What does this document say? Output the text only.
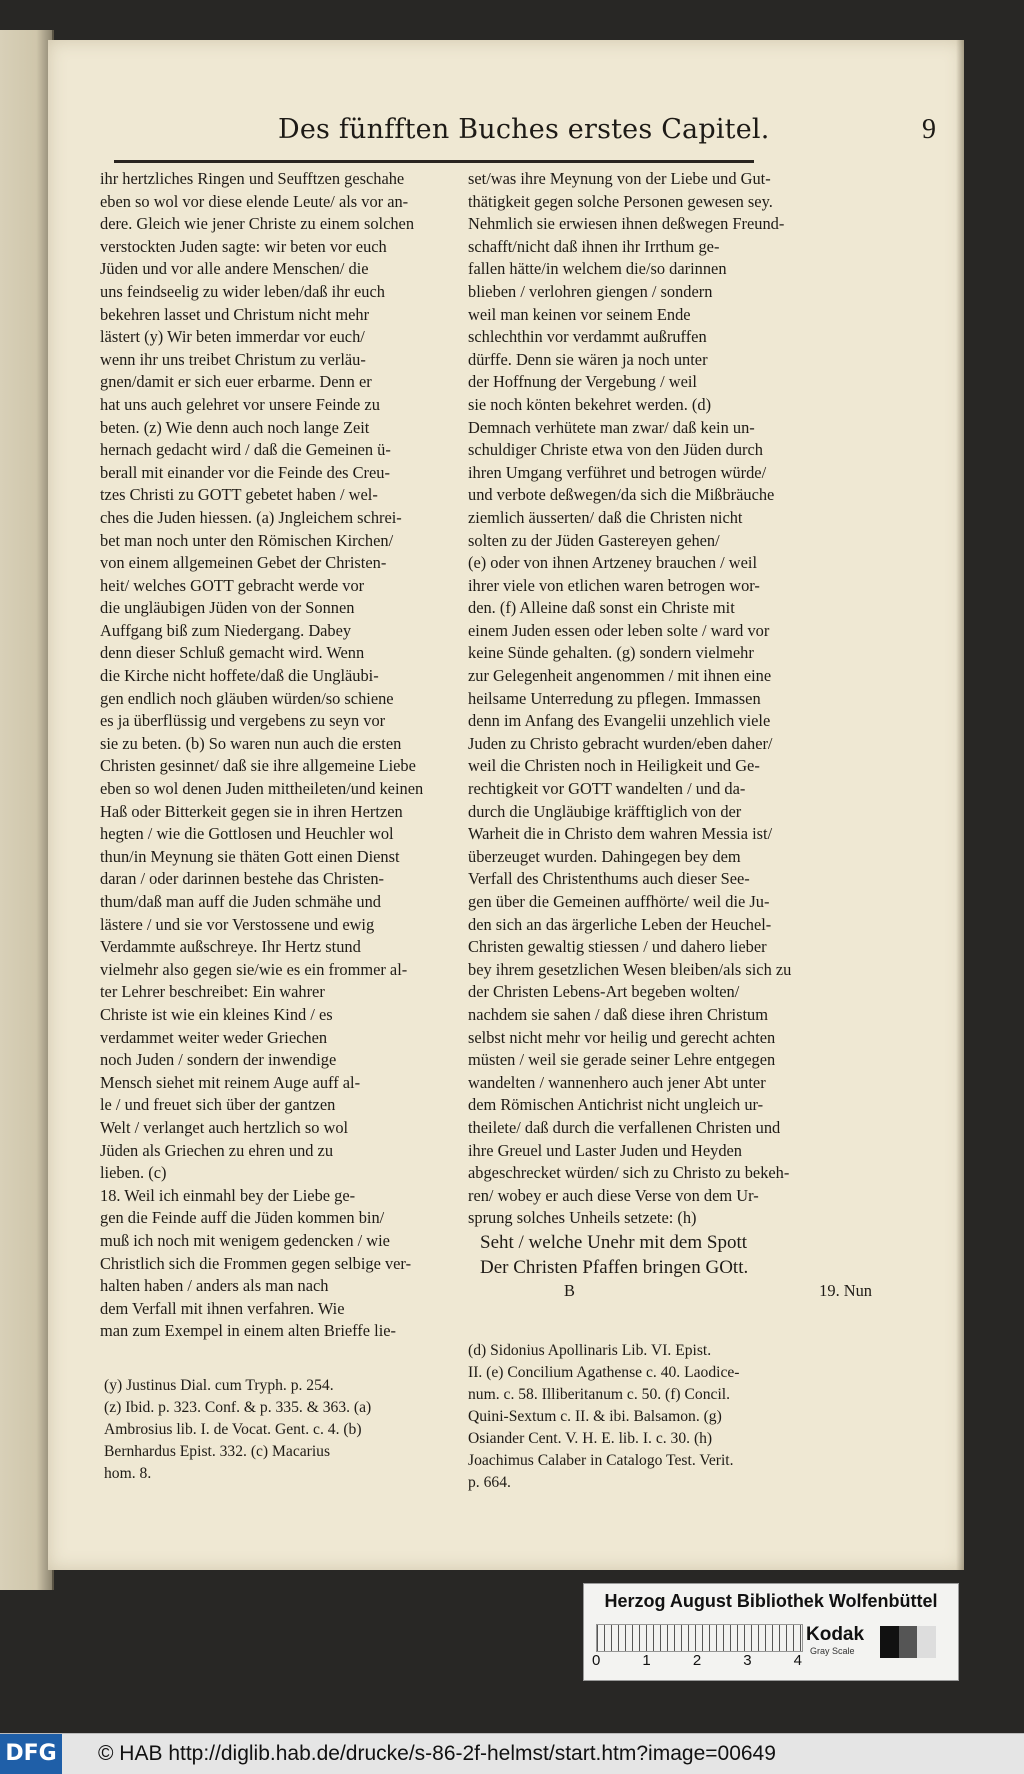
Des fünfften Buches erstes Capitel.	9
ihr hertzliches Ringen und Seufftzen geschahe
eben so wol vor diese elende Leute/ als vor an-
dere. Gleich wie jener Christe zu einem solchen
verstockten Juden sagte: wir beten vor euch
Jüden und vor alle andere Menschen/ die
uns feindseelig zu wider leben/daß ihr euch
bekehren lasset und Christum nicht mehr
lästert (y) Wir beten immerdar vor euch/
wenn ihr uns treibet Christum zu verläu-
gnen/damit er sich euer erbarme. Denn er
hat uns auch gelehret vor unsere Feinde zu
beten. (z) Wie denn auch noch lange Zeit
hernach gedacht wird / daß die Gemeinen ü-
berall mit einander vor die Feinde des Creu-
tzes Christi zu GOTT gebetet haben / wel-
ches die Juden hiessen. (a) Jngleichem schrei-
bet man noch unter den Römischen Kirchen/
von einem allgemeinen Gebet der Christen-
heit/ welches GOTT gebracht werde vor
die ungläubigen Jüden von der Sonnen
Auffgang biß zum Niedergang. Dabey
denn dieser Schluß gemacht wird. Wenn
die Kirche nicht hoffete/daß die Ungläubi-
gen endlich noch gläuben würden/so schiene
es ja überflüssig und vergebens zu seyn vor
sie zu beten. (b) So waren nun auch die ersten
Christen gesinnet/ daß sie ihre allgemeine Liebe
eben so wol denen Juden mittheileten/und keinen
Haß oder Bitterkeit gegen sie in ihren Hertzen
hegten / wie die Gottlosen und Heuchler wol
thun/in Meynung sie thäten Gott einen Dienst
daran / oder darinnen bestehe das Christen-
thum/daß man auff die Juden schmähe und
lästere / und sie vor Verstossene und ewig
Verdammte außschreye. Ihr Hertz stund
vielmehr also gegen sie/wie es ein frommer al-
ter Lehrer beschreibet: Ein wahrer
Christe ist wie ein kleines Kind / es
verdammet weiter weder Griechen
noch Juden / sondern der inwendige
Mensch siehet mit reinem Auge auff al-
le / und freuet sich über der gantzen
Welt / verlanget auch hertzlich so wol
Jüden als Griechen zu ehren und zu
lieben. (c)
18. Weil ich einmahl bey der Liebe ge-
gen die Feinde auff die Jüden kommen bin/
muß ich noch mit wenigem gedencken / wie
Christlich sich die Frommen gegen selbige ver-
halten haben / anders als man nach
dem Verfall mit ihnen verfahren. Wie
man zum Exempel in einem alten Brieffe lie-
set/was ihre Meynung von der Liebe und Gut-
thätigkeit gegen solche Personen gewesen sey.
Nehmlich sie erwiesen ihnen deßwegen Freund-
schafft/nicht daß ihnen ihr Irrthum ge-
fallen hätte/in welchem die/so darinnen
blieben / verlohren giengen / sondern
weil man keinen vor seinem Ende
schlechthin vor verdammt außruffen
dürffe. Denn sie wären ja noch unter
der Hoffnung der Vergebung / weil
sie noch könten bekehret werden. (d)
Demnach verhütete man zwar/ daß kein un-
schuldiger Christe etwa von den Jüden durch
ihren Umgang verführet und betrogen würde/
und verbote deßwegen/da sich die Mißbräuche
ziemlich äusserten/ daß die Christen nicht
solten zu der Jüden Gastereyen gehen/
(e) oder von ihnen Artzeney brauchen / weil
ihrer viele von etlichen waren betrogen wor-
den. (f) Alleine daß sonst ein Christe mit
einem Juden essen oder leben solte / ward vor
keine Sünde gehalten. (g) sondern vielmehr
zur Gelegenheit angenommen / mit ihnen eine
heilsame Unterredung zu pflegen. Immassen
denn im Anfang des Evangelii unzehlich viele
Juden zu Christo gebracht wurden/eben daher/
weil die Christen noch in Heiligkeit und Ge-
rechtigkeit vor GOTT wandelten / und da-
durch die Ungläubige kräfftiglich von der
Warheit die in Christo dem wahren Messia ist/
überzeuget wurden. Dahingegen bey dem
Verfall des Christenthums auch dieser See-
gen über die Gemeinen auffhörte/ weil die Ju-
den sich an das ärgerliche Leben der Heuchel-
Christen gewaltig stiessen / und dahero lieber
bey ihrem gesetzlichen Wesen bleiben/als sich zu
der Christen Lebens-Art begeben wolten/
nachdem sie sahen / daß diese ihren Christum
selbst nicht mehr vor heilig und gerecht achten
müsten / weil sie gerade seiner Lehre entgegen
wandelten / wannenhero auch jener Abt unter
dem Römischen Antichrist nicht ungleich ur-
theilete/ daß durch die verfallenen Christen und
ihre Greuel und Laster Juden und Heyden
abgeschrecket würden/ sich zu Christo zu bekeh-
ren/ wobey er auch diese Verse von dem Ur-
sprung solches Unheils setzete: (h)
Seht / welche Unehr mit dem Spott
Der Christen Pfaffen bringen GOtt.
B	19. Nun
(y) Justinus Dial. cum Tryph. p. 254.
(z) Ibid. p. 323. Conf. & p. 335. & 363. (a)
Ambrosius lib. I. de Vocat. Gent. c. 4. (b)
Bernhardus Epist. 332. (c) Macarius
hom. 8.
(d) Sidonius Apollinaris Lib. VI. Epist.
II. (e) Concilium Agathense c. 40. Laodice-
num. c. 58. Illiberitanum c. 50. (f) Concil.
Quini-Sextum c. II. & ibi. Balsamon. (g)
Osiander Cent. V. H. E. lib. I. c. 30. (h)
Joachimus Calaber in Catalogo Test. Verit.
p. 664.
Herzog August Bibliothek Wolfenbüttel
0	1	2	3	4
Kodak
Gray Scale
DFG © HAB http://diglib.hab.de/drucke/s-86-2f-helmst/start.htm?image=00649
